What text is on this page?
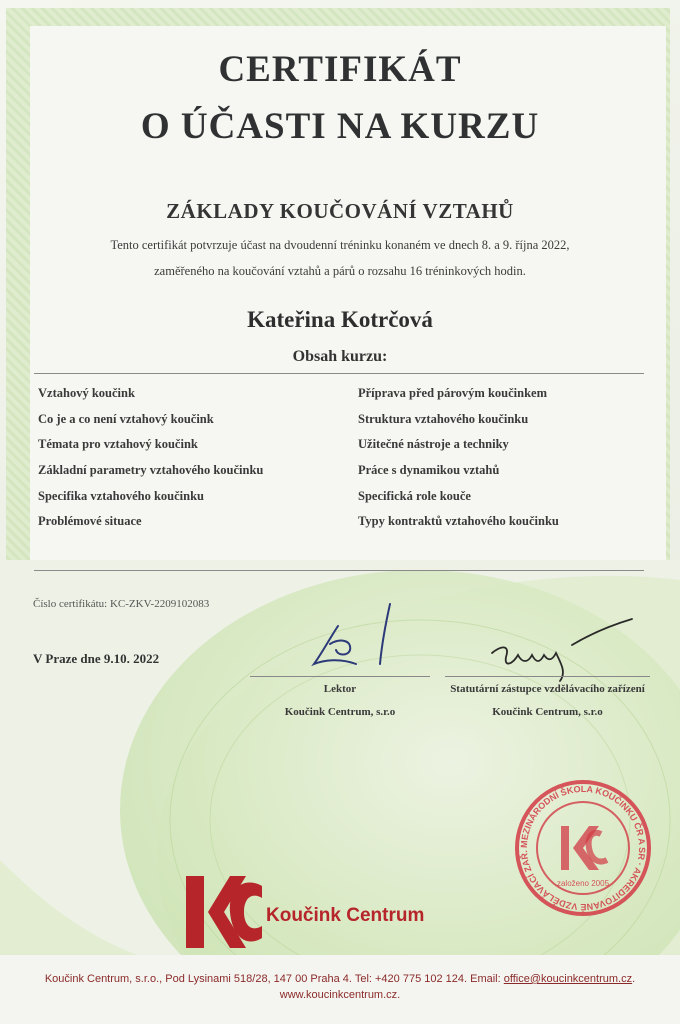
CERTIFIKÁT
O ÚČASTI NA KURZU
ZÁKLADY KOUČOVÁNÍ VZTAHŮ
Tento certifikát potvrzuje účast na dvoudenní tréninku konaném ve dnech 8. a 9. října 2022,
zaměřeného na koučování vztahů a párů o rozsahu 16 tréninkových hodin.
Kateřina Kotrčová
Obsah kurzu:
Vztahový koučink
Co je a co není vztahový koučink
Témata pro vztahový koučink
Základní parametry vztahového koučinku
Specifika vztahového koučinku
Problémové situace
Příprava před párovým koučinkem
Struktura vztahového koučinku
Užitečné nástroje a techniky
Práce s dynamikou vztahů
Specifická role kouče
Typy kontraktů vztahového koučinku
Číslo certifikátu: KC-ZKV-2209102083
V Praze dne 9.10. 2022
Lektor
Koučink Centrum, s.r.o
Statutární zástupce vzdělávacího zařízení
Koučink Centrum, s.r.o
MEZINÁRODNÍ ŠKOLA KOUČINKU ČR A SR · AKREDITOVANÉ VZDĚLÁVACÍ ZAŘ.
založeno 2005
Koučink Centrum
Koučink Centrum, s.r.o., Pod Lysinami 518/28, 147 00 Praha 4. Tel: +420 775 102 124. Email: office@koucinkcentrum.cz.
www.koucinkcentrum.cz.
